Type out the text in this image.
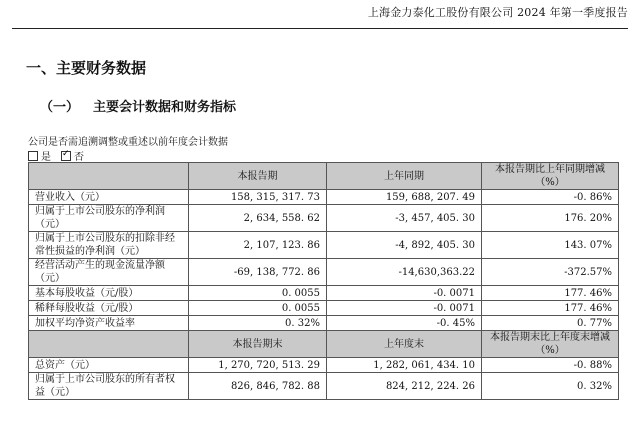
上海金力泰化工股份有限公司 2024 年第一季度报告
一、主要财务数据
（一） 主要会计数据和财务指标
公司是否需追溯调整或重述以前年度会计数据
是 ✓ 否
	本报告期	上年同期	本报告期比上年同期增减（%）
营业收入（元）	158, 315, 317. 73	159, 688, 207. 49	-0. 86%
归属于上市公司股东的净利润（元）	2, 634, 558. 62	-3, 457, 405. 30	176. 20%
归属于上市公司股东的扣除非经常性损益的净利润（元）	2, 107, 123. 86	-4, 892, 405. 30	143. 07%
经营活动产生的现金流量净额（元）	-69, 138, 772. 86	-14,630,363.22	-372.57%
基本每股收益（元/股）	0. 0055	-0. 0071	177. 46%
稀释每股收益（元/股）	0. 0055	-0. 0071	177. 46%
加权平均净资产收益率	0. 32%	-0. 45%	0. 77%
	本报告期末	上年度末	本报告期末比上年度末增减（%）
总资产（元）	1, 270, 720, 513. 29	1, 282, 061, 434. 10	-0. 88%
归属于上市公司股东的所有者权益（元）	826, 846, 782. 88	824, 212, 224. 26	0. 32%
